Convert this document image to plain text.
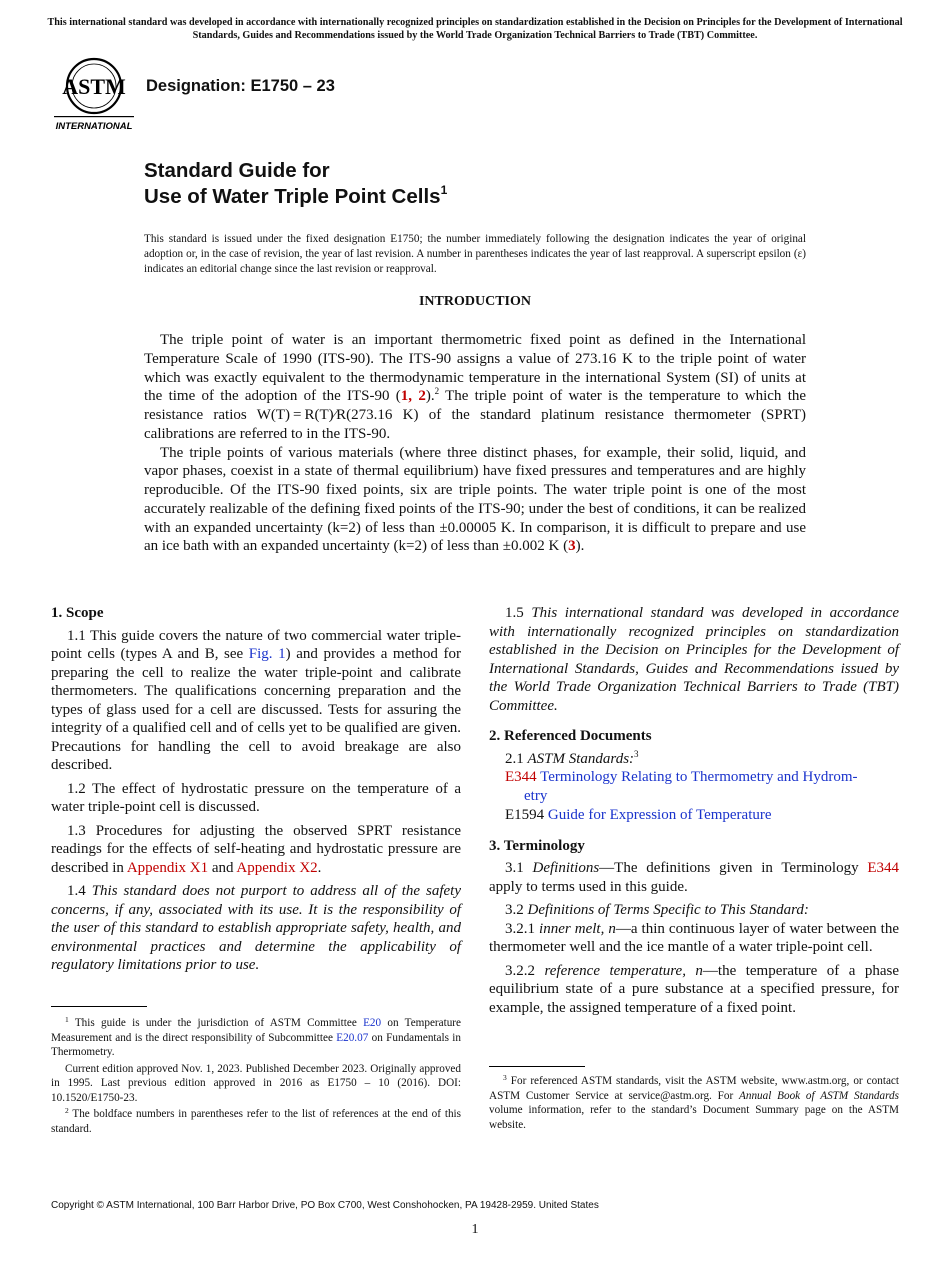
This international standard was developed in accordance with internationally recognized principles on standardization established in the Decision on Principles for the Development of International Standards, Guides and Recommendations issued by the World Trade Organization Technical Barriers to Trade (TBT) Committee.
ASTM
INTERNATIONAL
Designation: E1750 – 23
Standard Guide for
Use of Water Triple Point Cells$^1$
This standard is issued under the fixed designation E1750; the number immediately following the designation indicates the year of original adoption or, in the case of revision, the year of last revision. A number in parentheses indicates the year of last reapproval. A superscript epsilon (ε) indicates an editorial change since the last revision or reapproval.
INTRODUCTION

The triple point of water is an important thermometric fixed point as defined in the International Temperature Scale of 1990 (ITS-90). The ITS-90 assigns a value of 273.16 K to the triple point of water which was exactly equivalent to the thermodynamic temperature in the international System (SI) of units at the time of the adoption of the ITS-90 (1, 2).$^2$ The triple point of water is the temperature to which the resistance ratios W(T) = R(T)⁄R(273.16 K) of the standard platinum resistance thermometer (SPRT) calibrations are referred to in the ITS-90.

The triple points of various materials (where three distinct phases, for example, their solid, liquid, and vapor phases, coexist in a state of thermal equilibrium) have fixed pressures and temperatures and are highly reproducible. Of the ITS-90 fixed points, six are triple points. The water triple point is one of the most accurately realizable of the defining fixed points of the ITS-90; under the best of conditions, it can be realized with an expanded uncertainty (k=2) of less than ±0.00005 K. In comparison, it is difficult to prepare and use an ice bath with an expanded uncertainty (k=2) of less than ±0.002 K (3).

1. Scope

1.1 This guide covers the nature of two commercial water triple-point cells (types A and B, see Fig. 1) and provides a method for preparing the cell to realize the water triple-point and calibrate thermometers. The qualifications concerning preparation and the types of glass used for a cell are discussed. Tests for assuring the integrity of a qualified cell and of cells yet to be qualified are given. Precautions for handling the cell to avoid breakage are also described.

1.2 The effect of hydrostatic pressure on the temperature of a water triple-point cell is discussed.

1.3 Procedures for adjusting the observed SPRT resistance readings for the effects of self-heating and hydrostatic pressure are described in Appendix X1 and Appendix X2.

1.4 This standard does not purport to address all of the safety concerns, if any, associated with its use. It is the responsibility of the user of this standard to establish appropriate safety, health, and environmental practices and determine the applicability of regulatory limitations prior to use.

1.5 This international standard was developed in accordance with internationally recognized principles on standardization established in the Decision on Principles for the Development of International Standards, Guides and Recommendations issued by the World Trade Organization Technical Barriers to Trade (TBT) Committee.

2. Referenced Documents

2.1 ASTM Standards:$^3$

E344 Terminology Relating to Thermometry and Hydrom-
etry

E1594 Guide for Expression of Temperature

3. Terminology

3.1 Definitions—The definitions given in Terminology E344 apply to terms used in this guide.

3.2 Definitions of Terms Specific to This Standard:

3.2.1 inner melt, n—a thin continuous layer of water between the thermometer well and the ice mantle of a water triple-point cell.

3.2.2 reference temperature, n—the temperature of a phase equilibrium state of a pure substance at a specified pressure, for example, the assigned temperature of a fixed point.

$^1$ This guide is under the jurisdiction of ASTM Committee E20 on Temperature Measurement and is the direct responsibility of Subcommittee E20.07 on Fundamentals in Thermometry.

Current edition approved Nov. 1, 2023. Published December 2023. Originally approved in 1995. Last previous edition approved in 2016 as E1750 – 10 (2016). DOI: 10.1520/E1750-23.

$^2$ The boldface numbers in parentheses refer to the list of references at the end of this standard.

$^3$ For referenced ASTM standards, visit the ASTM website, www.astm.org, or contact ASTM Customer Service at service@astm.org. For Annual Book of ASTM Standards volume information, refer to the standard’s Document Summary page on the ASTM website.

Copyright © ASTM International, 100 Barr Harbor Drive, PO Box C700, West Conshohocken, PA 19428-2959. United States
1
